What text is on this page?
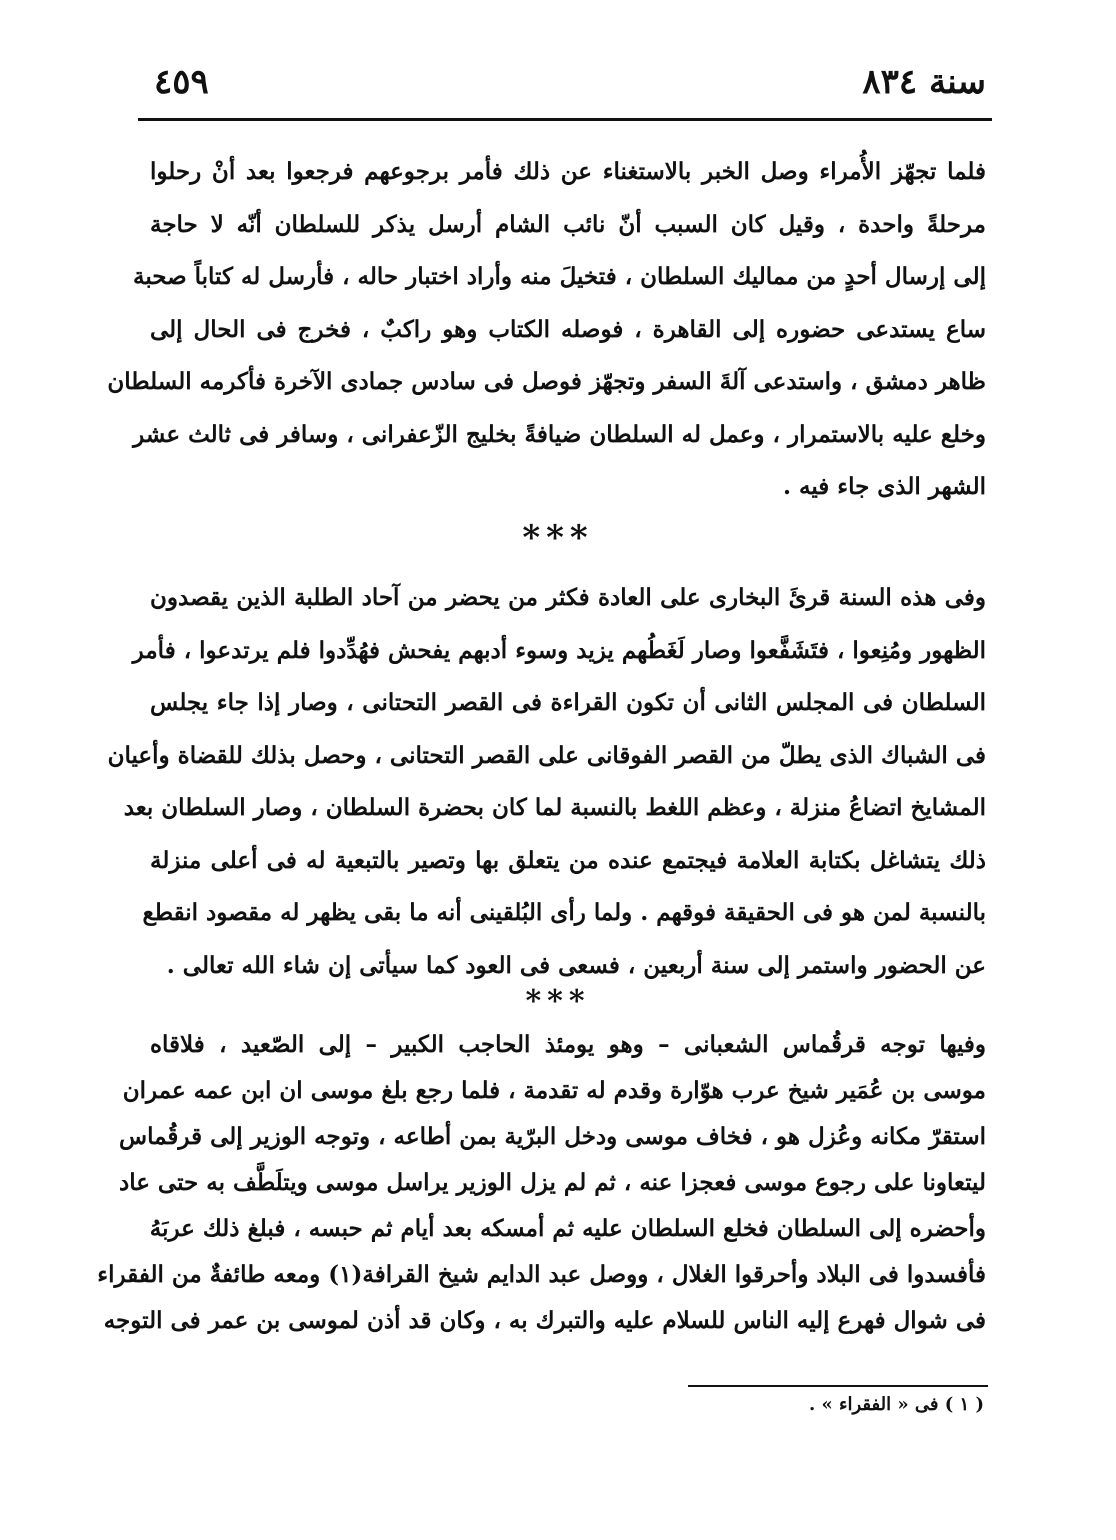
سنة ٨٣٤
٤٥٩
فلما تجهّز الأُمراء وصل الخبر بالاستغناء عن ذلك فأمر برجوعهم فرجعوا بعد أنْ رحلوا
مرحلةً واحدة ، وقيل كان السبب أنّ نائب الشام أرسل يذكر للسلطان أنّه لا حاجة
إلى إرسال أحدٍ من مماليك السلطان ، فتخيلَ منه وأراد اختبار حاله ، فأرسل له كتاباً صحبة
ساع يستدعى حضوره إلى القاهرة ، فوصله الكتاب وهو راكبٌ ، فخرج فى الحال إلى
ظاهر دمشق ، واستدعى آلةَ السفر وتجهّز فوصل فى سادس جمادى الآخرة فأكرمه السلطان
وخلع عليه بالاستمرار ، وعمل له السلطان ضيافةً بخليج الزّعفرانى ، وسافر فى ثالث عشر
الشهر الذى جاء فيه .
***
وفى هذه السنة قرئَ البخارى على العادة فكثر من يحضر من آحاد الطلبة الذين يقصدون
الظهور ومُنِعوا ، فتَشَفَّعوا وصار لَغَطُهم يزيد وسوء أدبهم يفحش فهُدِّدوا فلم يرتدعوا ، فأمر
السلطان فى المجلس الثانى أن تكون القراءة فى القصر التحتانى ، وصار إذا جاء يجلس
فى الشباك الذى يطلّ من القصر الفوقانى على القصر التحتانى ، وحصل بذلك للقضاة وأعيان
المشايخ اتضاعُ منزلة ، وعظم اللغط بالنسبة لما كان بحضرة السلطان ، وصار السلطان بعد
ذلك يتشاغل بكتابة العلامة فيجتمع عنده من يتعلق بها وتصير بالتبعية له فى أعلى منزلة
بالنسبة لمن هو فى الحقيقة فوقهم . ولما رأى البُلقينى أنه ما بقى يظهر له مقصود انقطع
عن الحضور واستمر إلى سنة أربعين ، فسعى فى العود كما سيأتى إن شاء الله تعالى .
***
وفيها توجه قرقُماس الشعبانى – وهو يومئذ الحاجب الكبير – إلى الصّعيد ، فلاقاه
موسى بن عُمَير شيخ عرب هوّارة وقدم له تقدمة ، فلما رجع بلغ موسى ان ابن عمه عمران
استقرّ مكانه وعُزل هو ، فخاف موسى ودخل البرّية بمن أطاعه ، وتوجه الوزير إلى قرقُماس
ليتعاونا على رجوع موسى فعجزا عنه ، ثم لم يزل الوزير يراسل موسى ويتلَطَّف به حتى عاد
وأحضره إلى السلطان فخلع السلطان عليه ثم أمسكه بعد أيام ثم حبسه ، فبلغ ذلك عربَهُ
فأفسدوا فى البلاد وأحرقوا الغلال ، ووصل عبد الدايم شيخ القرافة(١) ومعه طائفةٌ من الفقراء
فى شوال فهرع إليه الناس للسلام عليه والتبرك به ، وكان قد أذن لموسى بن عمر فى التوجه
( ١ ) فى « الفقراء » .
